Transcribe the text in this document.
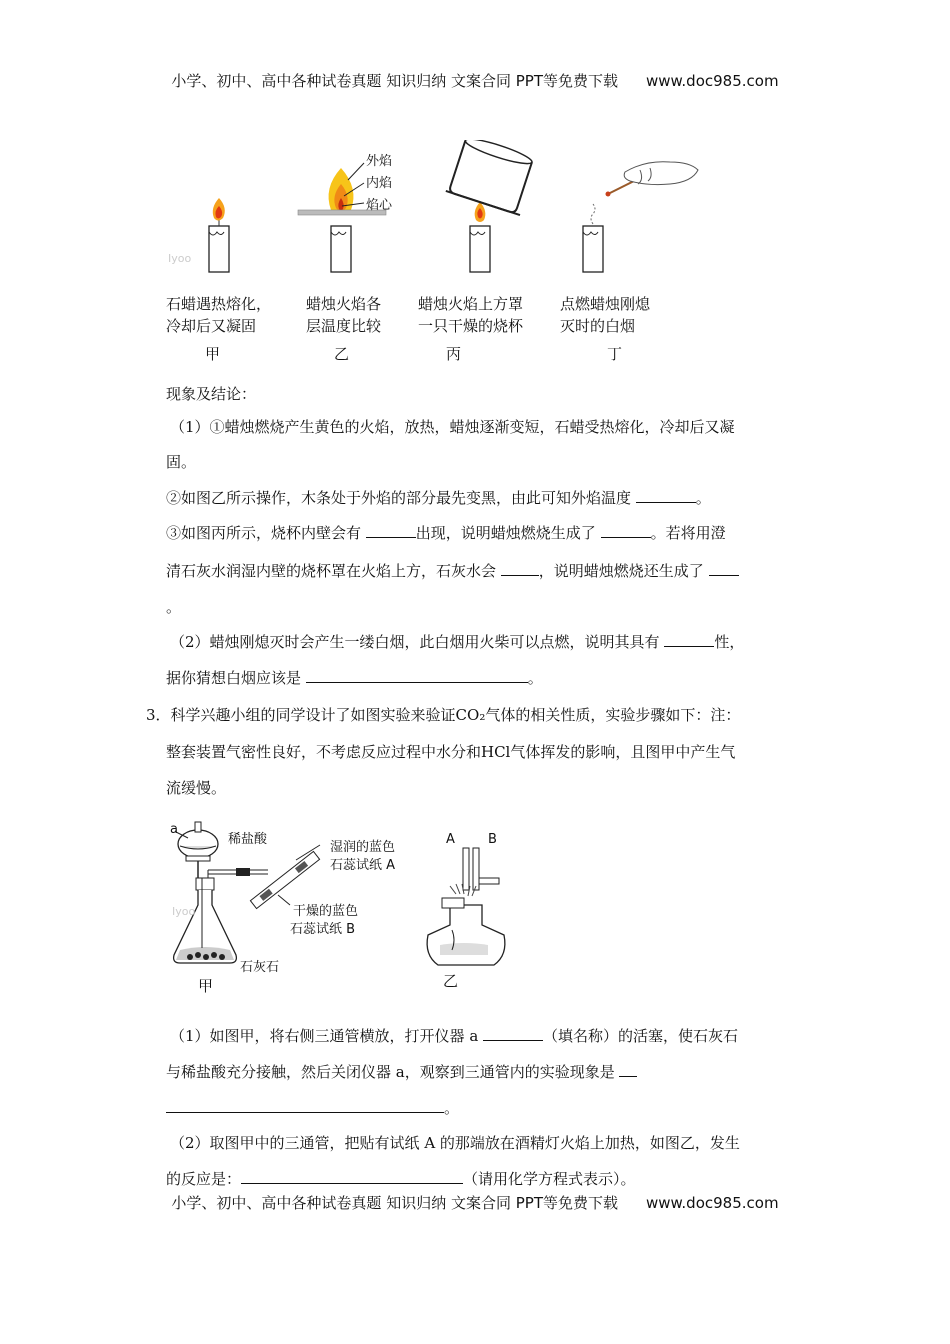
小学、初中、高中各种试卷真题 知识归纳 文案合同 PPT等免费下载 www.doc985.com
外焰
内焰
焰心
Iyoo
石蜡遇热熔化，
冷却后又凝固
蜡烛火焰各
层温度比较
蜡烛火焰上方罩
一只干燥的烧杯
点燃蜡烛刚熄
灭时的白烟
甲	乙	丙	丁
现象及结论：
（1）①蜡烛燃烧产生黄色的火焰，放热，蜡烛逐渐变短，石蜡受热熔化，冷却后又凝
固。
②如图乙所示操作，木条处于外焰的部分最先变黑，由此可知外焰温度	。
③如图丙所示，烧杯内壁会有	出现，说明蜡烛燃烧生成了	。若将用澄
清石灰水润湿内壁的烧杯罩在火焰上方，石灰水会	，说明蜡烛燃烧还生成了
。
（2）蜡烛刚熄灭时会产生一缕白烟，此白烟用火柴可以点燃，说明其具有	性，
据你猜想白烟应该是	。
3．科学兴趣小组的同学设计了如图实验来验证CO₂气体的相关性质，实验步骤如下：注：
整套装置气密性良好，不考虑反应过程中水分和HCl气体挥发的影响，且图甲中产生气
流缓慢。
a
稀盐酸
湿润的蓝色
石蕊试纸 A
干燥的蓝色
石蕊试纸 B
石灰石
Iyoo
甲
A	B
乙
（1）如图甲，将右侧三通管横放，打开仪器 a	（填名称）的活塞，使石灰石
与稀盐酸充分接触，然后关闭仪器 a，观察到三通管内的实验现象是
。
（2）取图甲中的三通管，把贴有试纸 A 的那端放在酒精灯火焰上加热，如图乙，发生
的反应是：	（请用化学方程式表示）。
小学、初中、高中各种试卷真题 知识归纳 文案合同 PPT等免费下载 www.doc985.com
